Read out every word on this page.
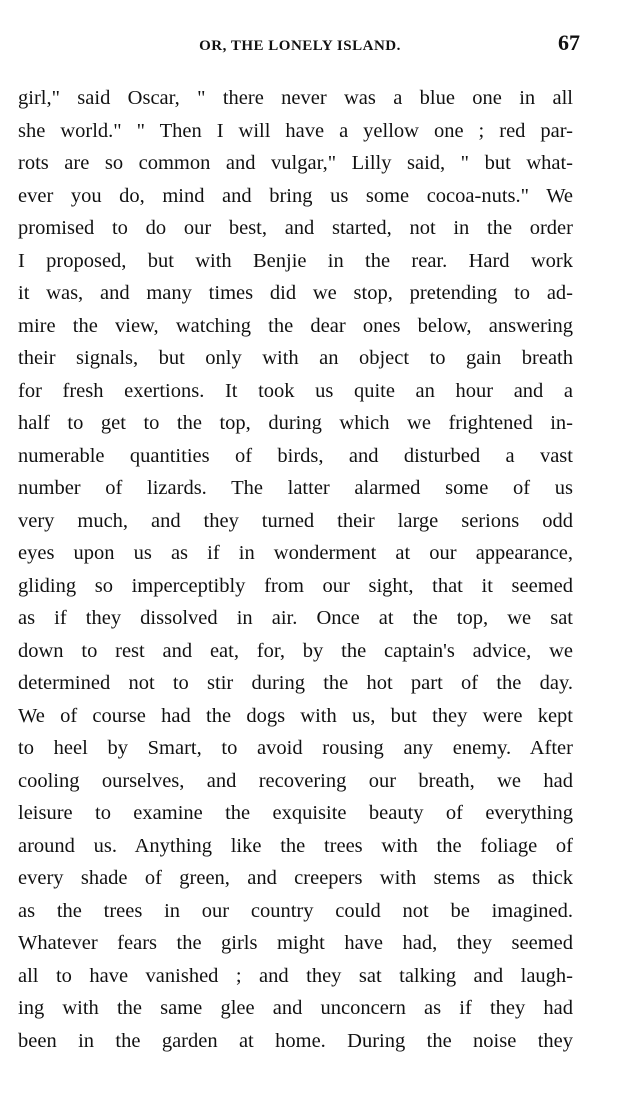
OR, THE LONELY ISLAND.	67
girl," said Oscar, " there never was a blue one in all
she world." " Then I will have a yellow one ; red par-
rots are so common and vulgar," Lilly said, " but what-
ever you do, mind and bring us some cocoa-nuts." We
promised to do our best, and started, not in the order
I proposed, but with Benjie in the rear. Hard work
it was, and many times did we stop, pretending to ad-
mire the view, watching the dear ones below, answering
their signals, but only with an object to gain breath
for fresh exertions. It took us quite an hour and a
half to get to the top, during which we frightened in-
numerable quantities of birds, and disturbed a vast
number of lizards. The latter alarmed some of us
very much, and they turned their large serions odd
eyes upon us as if in wonderment at our appearance,
gliding so imperceptibly from our sight, that it seemed
as if they dissolved in air. Once at the top, we sat
down to rest and eat, for, by the captain's advice, we
determined not to stir during the hot part of the day.
We of course had the dogs with us, but they were kept
to heel by Smart, to avoid rousing any enemy. After
cooling ourselves, and recovering our breath, we had
leisure to examine the exquisite beauty of everything
around us. Anything like the trees with the foliage of
every shade of green, and creepers with stems as thick
as the trees in our country could not be imagined.
Whatever fears the girls might have had, they seemed
all to have vanished ; and they sat talking and laugh-
ing with the same glee and unconcern as if they had
been in the garden at home. During the noise they
